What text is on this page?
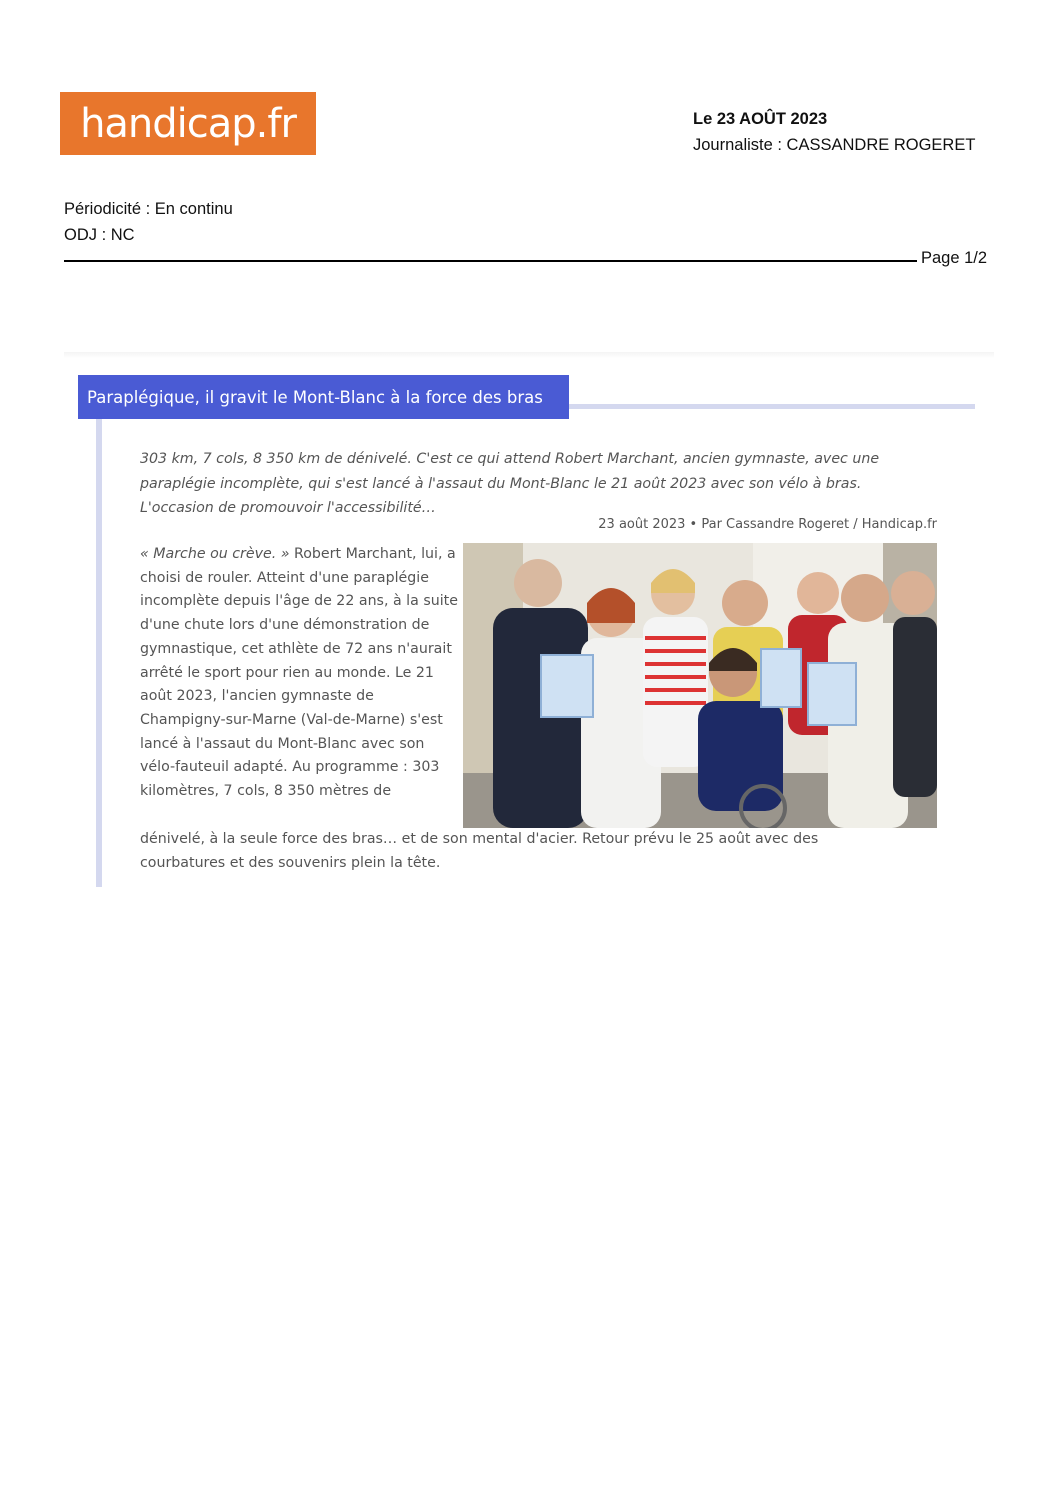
handicap.fr	Le 23 AOÛT 2023
Journaliste : CASSANDRE ROGERET
Périodicité : En continu
ODJ : NC
Page 1/2
Paraplégique, il gravit le Mont-Blanc à la force des bras
303 km, 7 cols, 8 350 km de dénivelé. C'est ce qui attend Robert Marchant, ancien gymnaste, avec une paraplégie incomplète, qui s'est lancé à l'assaut du Mont-Blanc le 21 août 2023 avec son vélo à bras. L'occasion de promouvoir l'accessibilité…
23 août 2023 • Par Cassandre Rogeret / Handicap.fr
« Marche ou crève. » Robert Marchant, lui, a choisi de rouler. Atteint d'une paraplégie incomplète depuis l'âge de 22 ans, à la suite d'une chute lors d'une démonstration de gymnastique, cet athlète de 72 ans n'aurait arrêté le sport pour rien au monde. Le 21 août 2023, l'ancien gymnaste de Champigny-sur-Marne (Val-de-Marne) s'est lancé à l'assaut du Mont-Blanc avec son vélo-fauteuil adapté. Au programme : 303 kilomètres, 7 cols, 8 350 mètres de
dénivelé, à la seule force des bras… et de son mental d'acier. Retour prévu le 25 août avec des courbatures et des souvenirs plein la tête.
